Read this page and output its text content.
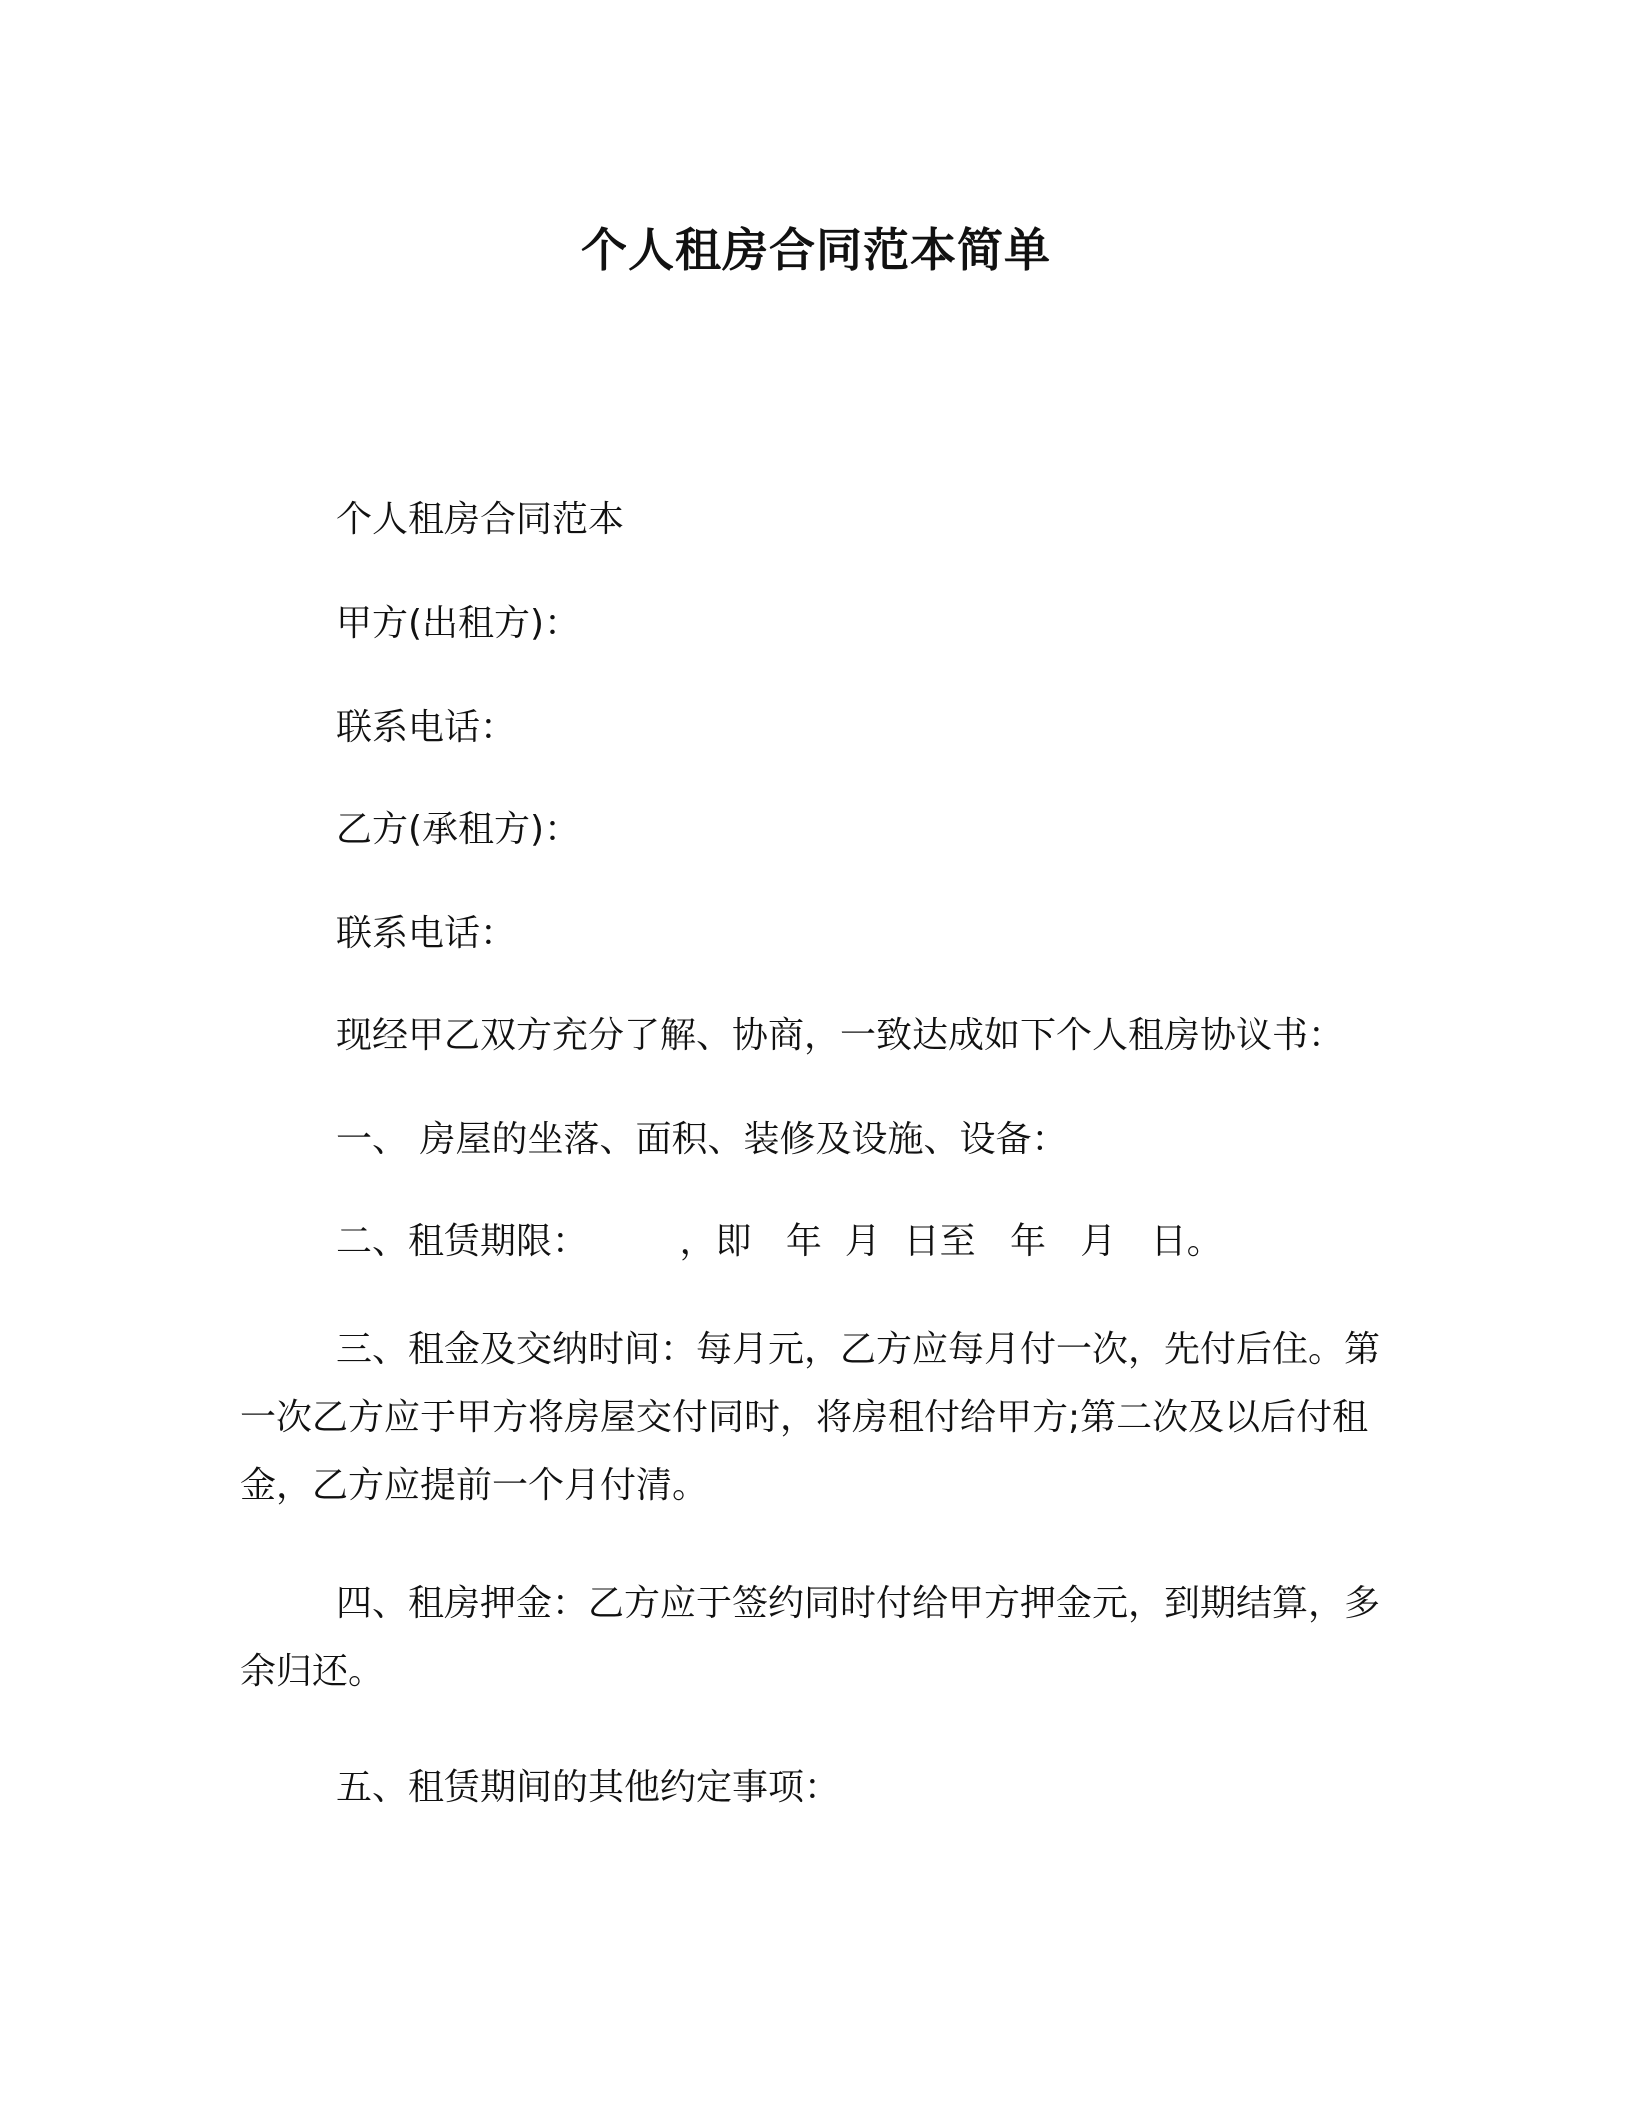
个人租房合同范本简单
个人租房合同范本
甲方(出租方)：
联系电话：
乙方(承租方)：
联系电话：
现经甲乙双方充分了解、协商，一致达成如下个人租房协议书：
一、 房屋的坐落、面积、装修及设施、设备：
二、租赁期限：        ，即   年  月  日至   年   月   日。
三、租金及交纳时间：每月元，乙方应每月付一次，先付后住。第一次乙方应于甲方将房屋交付同时，将房租付给甲方;第二次及以后付租金，乙方应提前一个月付清。
四、租房押金：乙方应于签约同时付给甲方押金元，到期结算，多余归还。
五、租赁期间的其他约定事项：
